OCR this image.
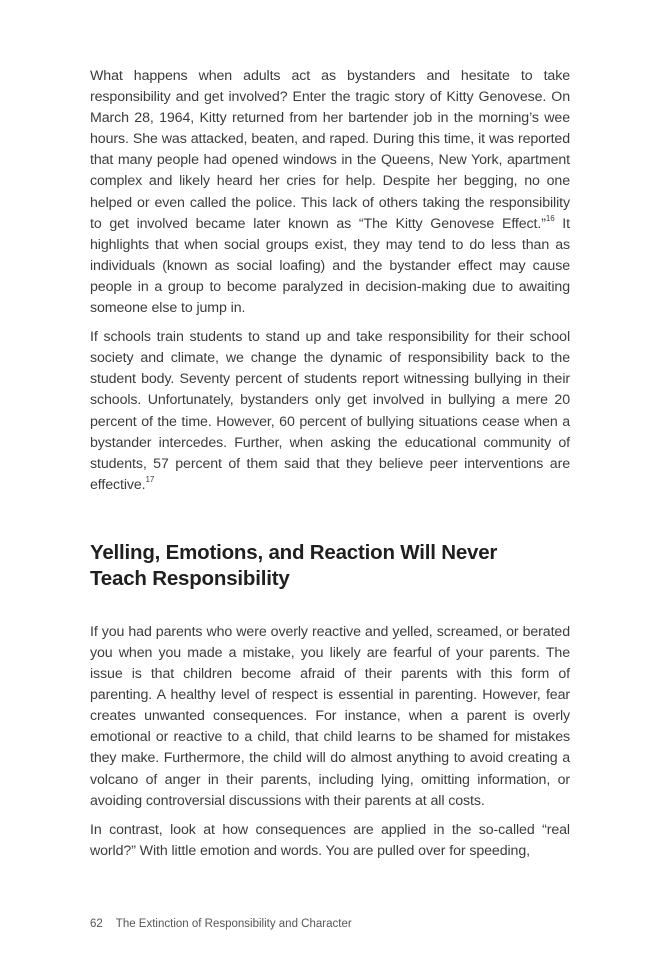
What happens when adults act as bystanders and hesitate to take responsibility and get involved? Enter the tragic story of Kitty Genovese. On March 28, 1964, Kitty returned from her bartender job in the morning’s wee hours. She was attacked, beaten, and raped. During this time, it was reported that many people had opened windows in the Queens, New York, apartment complex and likely heard her cries for help. Despite her begging, no one helped or even called the police. This lack of others taking the responsibility to get involved became later known as “The Kitty Genovese Effect.”$^{16}$ It highlights that when social groups exist, they may tend to do less than as individuals (known as social loafing) and the bystander effect may cause people in a group to become paralyzed in decision-making due to awaiting someone else to jump in.

If schools train students to stand up and take responsibility for their school society and climate, we change the dynamic of responsibility back to the student body. Seventy percent of students report witnessing bullying in their schools. Unfortunately, bystanders only get involved in bullying a mere 20 percent of the time. However, 60 percent of bullying situations cease when a bystander intercedes. Further, when asking the educational community of students, 57 percent of them said that they believe peer interventions are effective.$^{17}$

Yelling, Emotions, and Reaction Will Never
Teach Responsibility

If you had parents who were overly reactive and yelled, screamed, or berated you when you made a mistake, you likely are fearful of your parents. The issue is that children become afraid of their parents with this form of parenting. A healthy level of respect is essential in parenting. However, fear creates unwanted consequences. For instance, when a parent is overly emotional or reactive to a child, that child learns to be shamed for mistakes they make. Furthermore, the child will do almost anything to avoid creating a volcano of anger in their parents, including lying, omitting information, or avoiding controversial discussions with their parents at all costs.

In contrast, look at how consequences are applied in the so-called “real world?” With little emotion and words. You are pulled over for speeding,

62 The Extinction of Responsibility and Character
